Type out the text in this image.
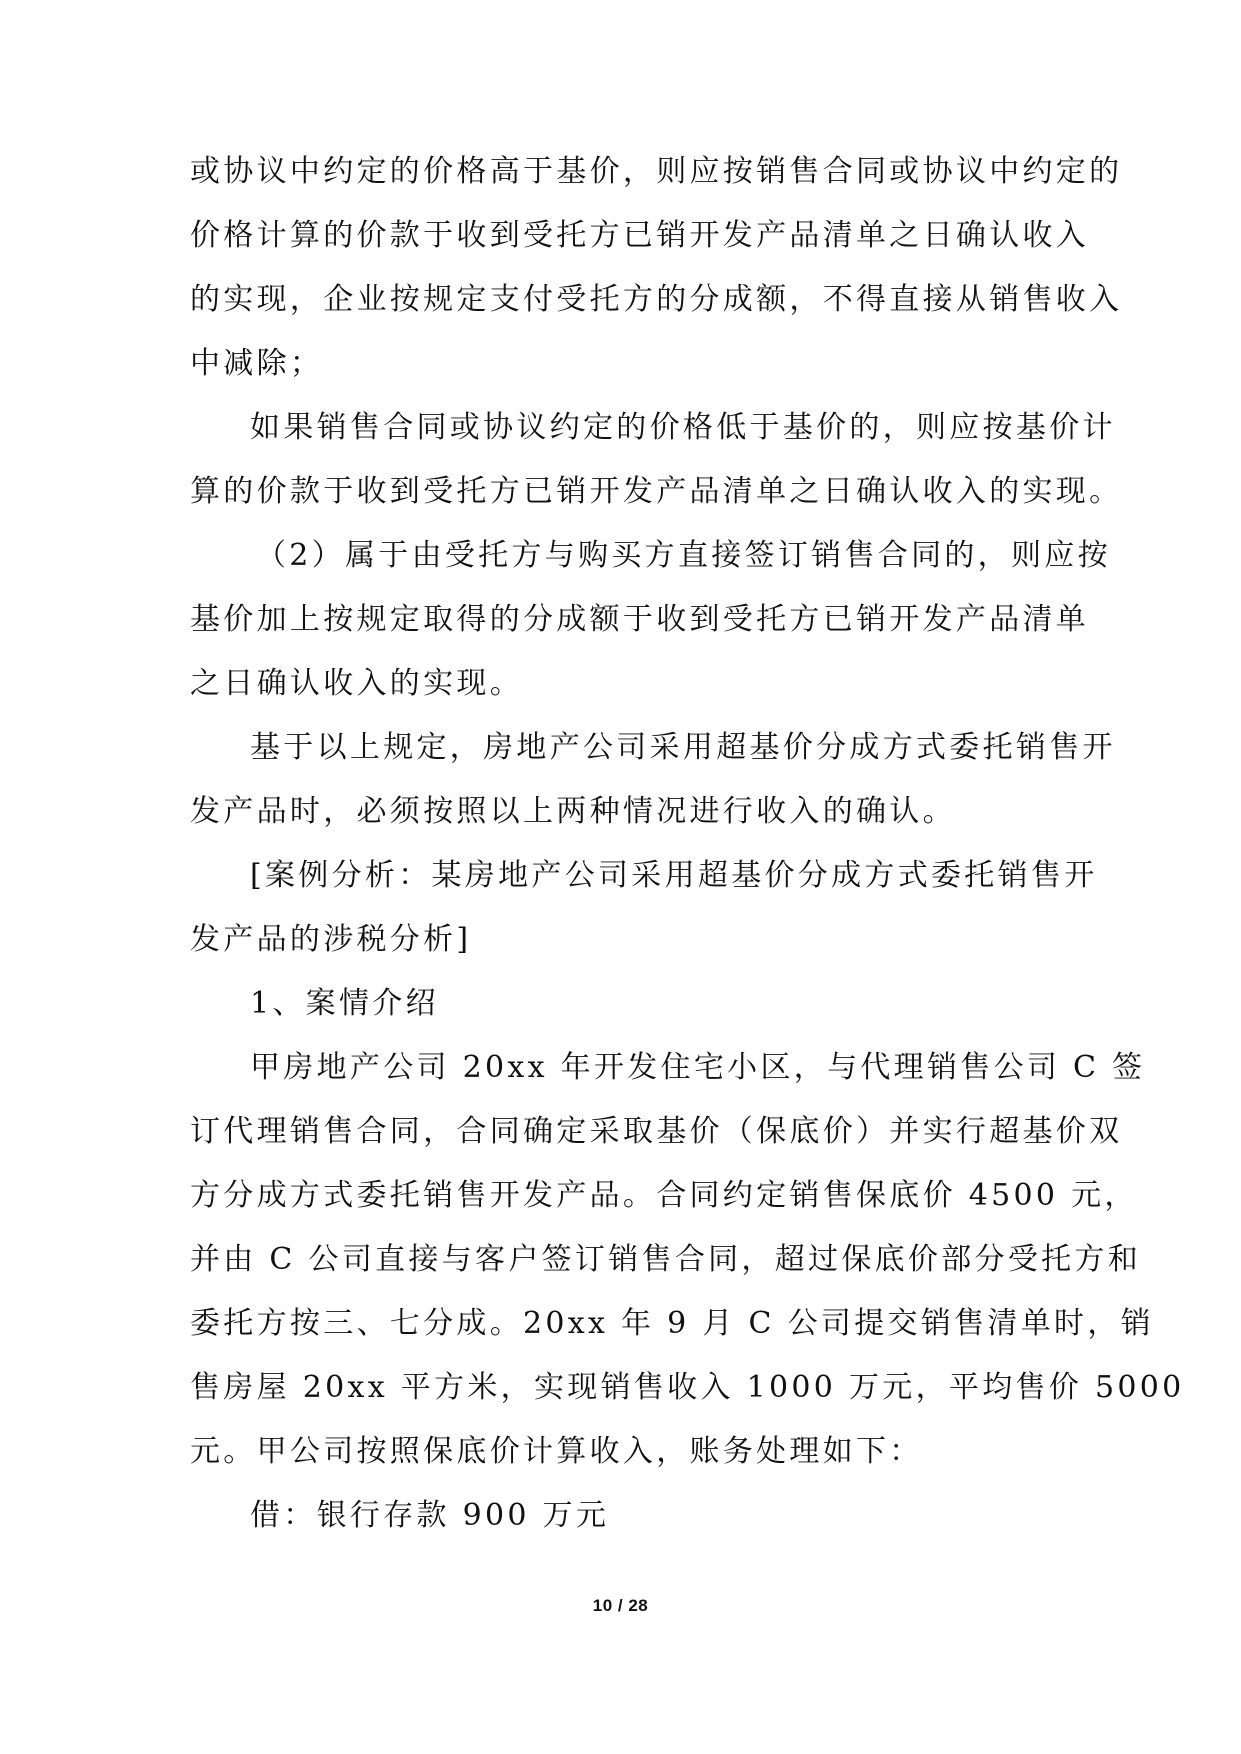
或协议中约定的价格高于基价，则应按销售合同或协议中约定的
价格计算的价款于收到受托方已销开发产品清单之日确认收入
的实现，企业按规定支付受托方的分成额，不得直接从销售收入
中减除；
如果销售合同或协议约定的价格低于基价的，则应按基价计
算的价款于收到受托方已销开发产品清单之日确认收入的实现。
（2）属于由受托方与购买方直接签订销售合同的，则应按
基价加上按规定取得的分成额于收到受托方已销开发产品清单
之日确认收入的实现。
基于以上规定，房地产公司采用超基价分成方式委托销售开
发产品时，必须按照以上两种情况进行收入的确认。
[案例分析：某房地产公司采用超基价分成方式委托销售开
发产品的涉税分析]
1、案情介绍
甲房地产公司 20xx 年开发住宅小区，与代理销售公司 C 签
订代理销售合同，合同确定采取基价（保底价）并实行超基价双
方分成方式委托销售开发产品。合同约定销售保底价 4500 元，
并由 C 公司直接与客户签订销售合同，超过保底价部分受托方和
委托方按三、七分成。20xx 年 9 月 C 公司提交销售清单时，销
售房屋 20xx 平方米，实现销售收入 1000 万元，平均售价 5000
元。甲公司按照保底价计算收入，账务处理如下：
借：银行存款 900 万元
10 / 28
